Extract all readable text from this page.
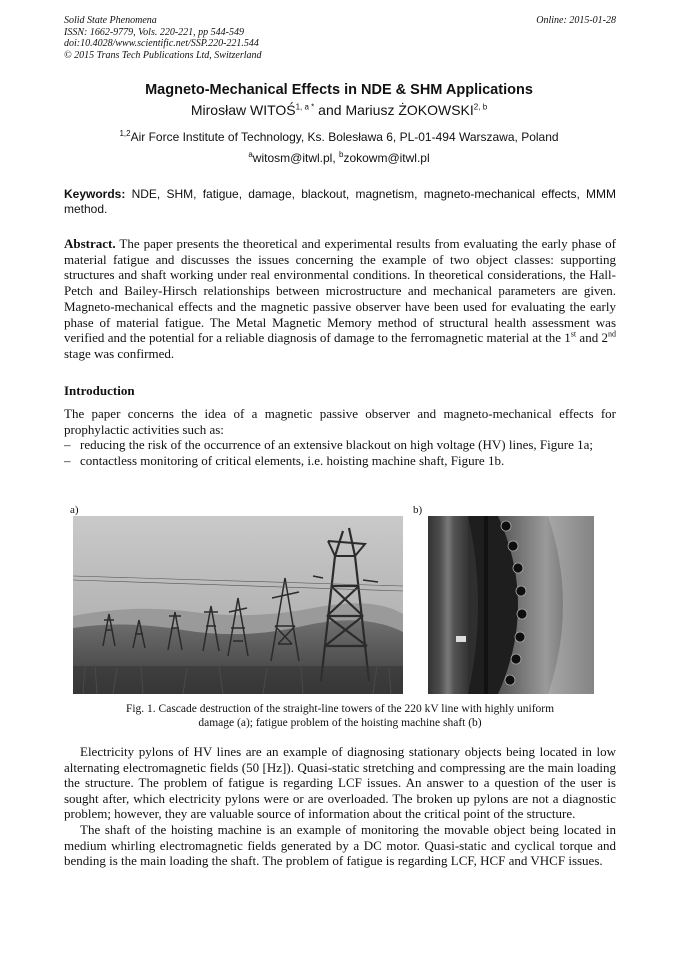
Solid State Phenomena
ISSN: 1662-9779, Vols. 220-221, pp 544-549
doi:10.4028/www.scientific.net/SSP.220-221.544
© 2015 Trans Tech Publications Ltd, Switzerland
Online: 2015-01-28
Magneto-Mechanical Effects in NDE & SHM Applications
Mirosław $WITOŚ^{1, a *}$ and Mariusz ŻOKOWSKI$^{2, b}$
$^{1,2}$Air Force Institute of Technology, Ks. Bolesława 6, PL-01-494 Warszawa, Poland
$^a$witosm@itwl.pl, $^b$zokowm@itwl.pl
Keywords: NDE, SHM, fatigue, damage, blackout, magnetism, magneto-mechanical effects, MMM method.
Abstract. The paper presents the theoretical and experimental results from evaluating the early phase of material fatigue and discusses the issues concerning the example of two object classes: supporting structures and shaft working under real environmental conditions. In theoretical considerations, the Hall-Petch and Bailey-Hirsch relationships between microstructure and mechanical parameters are given. Magneto-mechanical effects and the magnetic passive observer have been used for evaluating the early phase of material fatigue. The Metal Magnetic Memory method of structural health assessment was verified and the potential for a reliable diagnosis of damage to the ferromagnetic material at the 1st and 2nd stage was confirmed.
Introduction
The paper concerns the idea of a magnetic passive observer and magneto-mechanical effects for prophylactic activities such as:
– reducing the risk of the occurrence of an extensive blackout on high voltage (HV) lines, Figure 1a;
– contactless monitoring of critical elements, i.e. hoisting machine shaft, Figure 1b.
a)	b)
Fig. 1. Cascade destruction of the straight-line towers of the 220 kV line with highly uniform
damage (a); fatigue problem of the hoisting machine shaft (b)

Electricity pylons of HV lines are an example of diagnosing stationary objects being located in low alternating electromagnetic fields (50 [Hz]). Quasi-static stretching and compressing are the main loading the structure. The problem of fatigue is regarding LCF issues. An answer to a question of the user is sought after, which electricity pylons were or are overloaded. The broken up pylons are not a diagnostic problem; however, they are valuable source of information about the critical point of the structure.

The shaft of the hoisting machine is an example of monitoring the movable object being located in medium whirling electromagnetic fields generated by a DC motor. Quasi-static and cyclical torque and bending is the main loading the shaft. The problem of fatigue is regarding LCF, HCF and VHCF issues.
